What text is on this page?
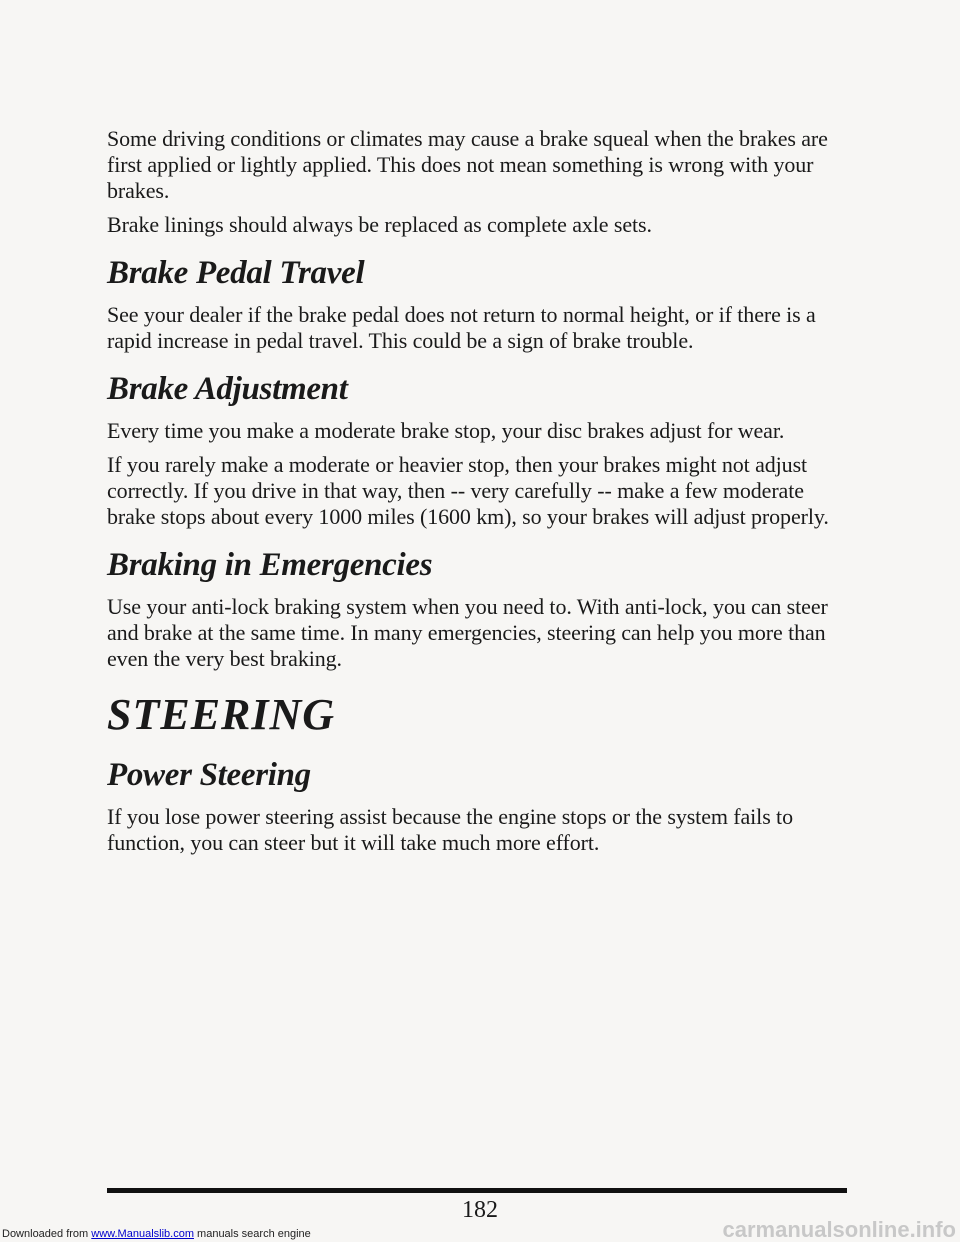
Some driving conditions or climates may cause a brake squeal when the brakes are first applied or lightly applied. This does not mean something is wrong with your brakes.

Brake linings should always be replaced as complete axle sets.

Brake Pedal Travel

See your dealer if the brake pedal does not return to normal height, or if there is a rapid increase in pedal travel. This could be a sign of brake trouble.

Brake Adjustment

Every time you make a moderate brake stop, your disc brakes adjust for wear.

If you rarely make a moderate or heavier stop, then your brakes might not adjust correctly. If you drive in that way, then -- very carefully -- make a few moderate brake stops about every 1000 miles (1600 km), so your brakes will adjust properly.

Braking in Emergencies

Use your anti-lock braking system when you need to. With anti-lock, you can steer and brake at the same time. In many emergencies, steering can help you more than even the very best braking.

STEERING
Power Steering

If you lose power steering assist because the engine stops or the system fails to function, you can steer but it will take much more effort.

182
Downloaded from www.Manualslib.com manuals search engine	carmanualsonline.info
